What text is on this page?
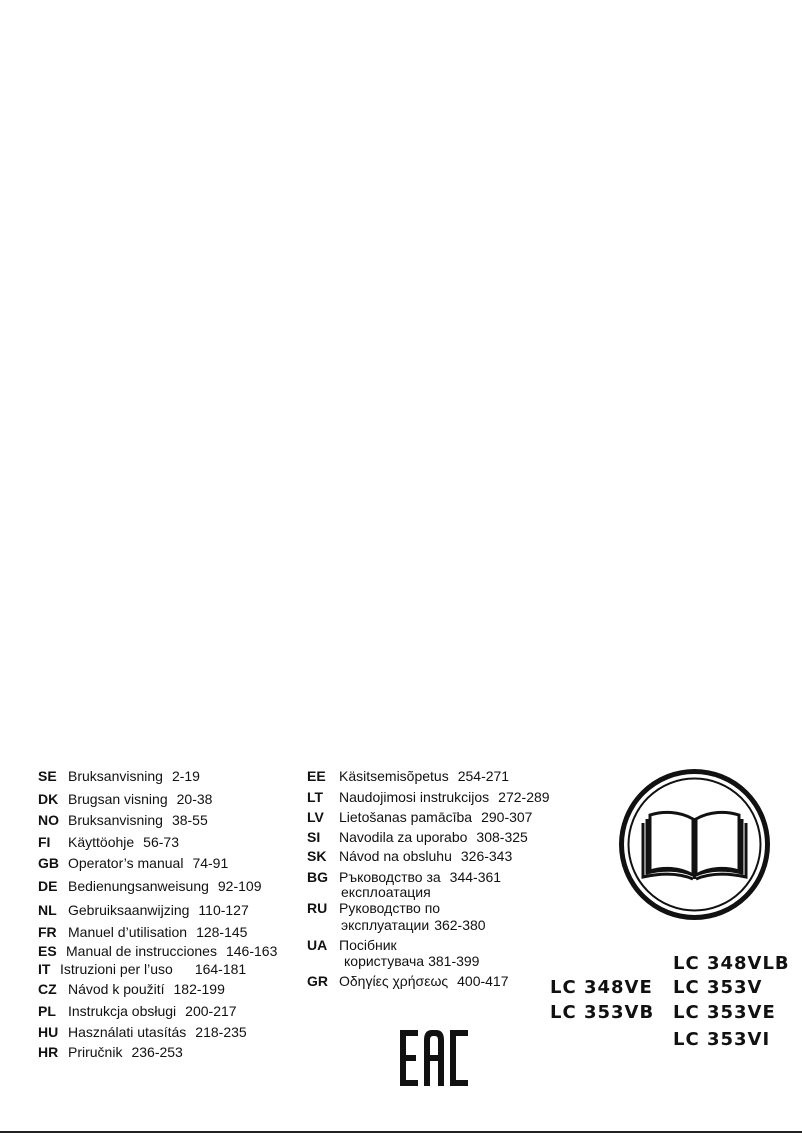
SE Bruksanvisning 2-19
DK Brugsan visning 20-38
NO Bruksanvisning 38-55
FI Käyttöohje 56-73
GB Operator’s manual 74-91
DE Bedienungsanweisung 92-109
NL Gebruiksaanwijzing 110-127
FR Manuel d’utilisation 128-145
ES Manual de instrucciones 146-163
IT Istruzioni per l’uso 164-181
CZ Návod k použití 182-199
PL Instrukcja obsługi 200-217
HU Használati utasítás 218-235
HR Priručnik 236-253
EE Käsitsemisõpetus 254-271
LT Naudojimosi instrukcijos 272-289
LV Lietošanas pamācība 290-307
SI Navodila za uporabo 308-325
SK Návod na obsluhu 326-343
BG Ръководство за 344-361
експлоатация
RU Руководство по
эксплуатации 362-380
UA Посібник
користувача 381-399
GR Οδηγίες χρήσεως 400-417
LC 348VLB
LC 348VE LC 353V
LC 353VB LC 353VE
LC 353VI
